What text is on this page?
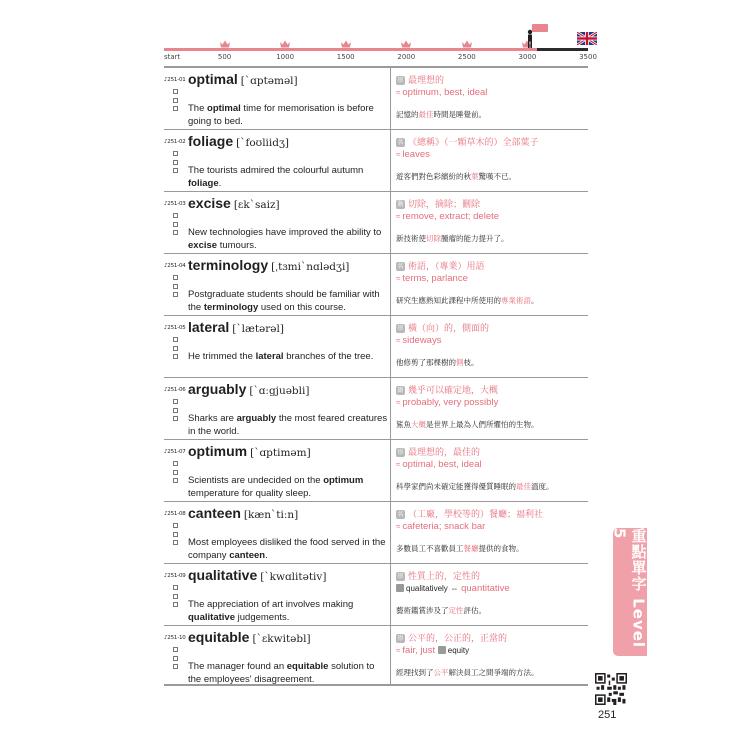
start	500	1000	1500	2000	2500	3000	3500
♪251-01 optimal [ˋɑptəməl]
The optimal time for memorisation is before going to bed.
形 最理想的
≈ optimum, best, ideal
記憶的最佳時間是睡覺前。
♪251-02 foliage [ˋfoʊliidʒ]
The tourists admired the colourful autumn foliage.
名 《總稱》（一顆草木的）全部葉子
≈ leaves
遊客們對色彩繽紛的秋葉驚嘆不已。
♪251-03 excise [ɛkˋsaiz]
New technologies have improved the ability to excise tumours.
動 切除，摘除；刪除
≈ remove, extract; delete
新技術使切除腫瘤的能力提升了。
♪251-04 terminology [ˌtɜmiˋnɑlədʒi]
Postgraduate students should be familiar with the terminology used on this course.
名 術語，（專業）用語
≈ terms, parlance
研究生應熟知此課程中所使用的專業術語。
♪251-05 lateral [ˋlætərəl]
He trimmed the lateral branches of the tree.
形 橫（向）的，側面的
≈ sideways
他修剪了那棵樹的側枝。
♪251-06 arguably [ˋɑːgjuəbli]
Sharks are arguably the most feared creatures in the world.
副 幾乎可以確定地，大概
≈ probably, very possibly
鯊魚大概是世界上最為人們所懼怕的生物。
♪251-07 optimum [ˋɑptiməm]
Scientists are undecided on the optimum temperature for quality sleep.
形 最理想的，最佳的
≈ optimal, best, ideal
科學家們尚未確定能獲得優質睡眠的最佳溫度。
♪251-08 canteen [kænˋtiːn]
Most employees disliked the food served in the company canteen.
名 （工廠，學校等的）餐廳；福利社
≈ cafeteria; snack bar
多數員工不喜歡員工餐廳提供的食物。
♪251-09 qualitative [ˋkwɑlitətiv]
The appreciation of art involves making qualitative judgements.
形 性質上的，定性的
qualitatively ⇔ quantitative
藝術鑑賞涉及了定性評估。
♪251-10 equitable [ˋɛkwitəbl]
The manager found an equitable solution to the employees' disagreement.
形 公平的，公正的，正當的
≈ fair, just equity
經理找到了公平解決員工之間爭端的方法。
重點單字 Level 5
251
